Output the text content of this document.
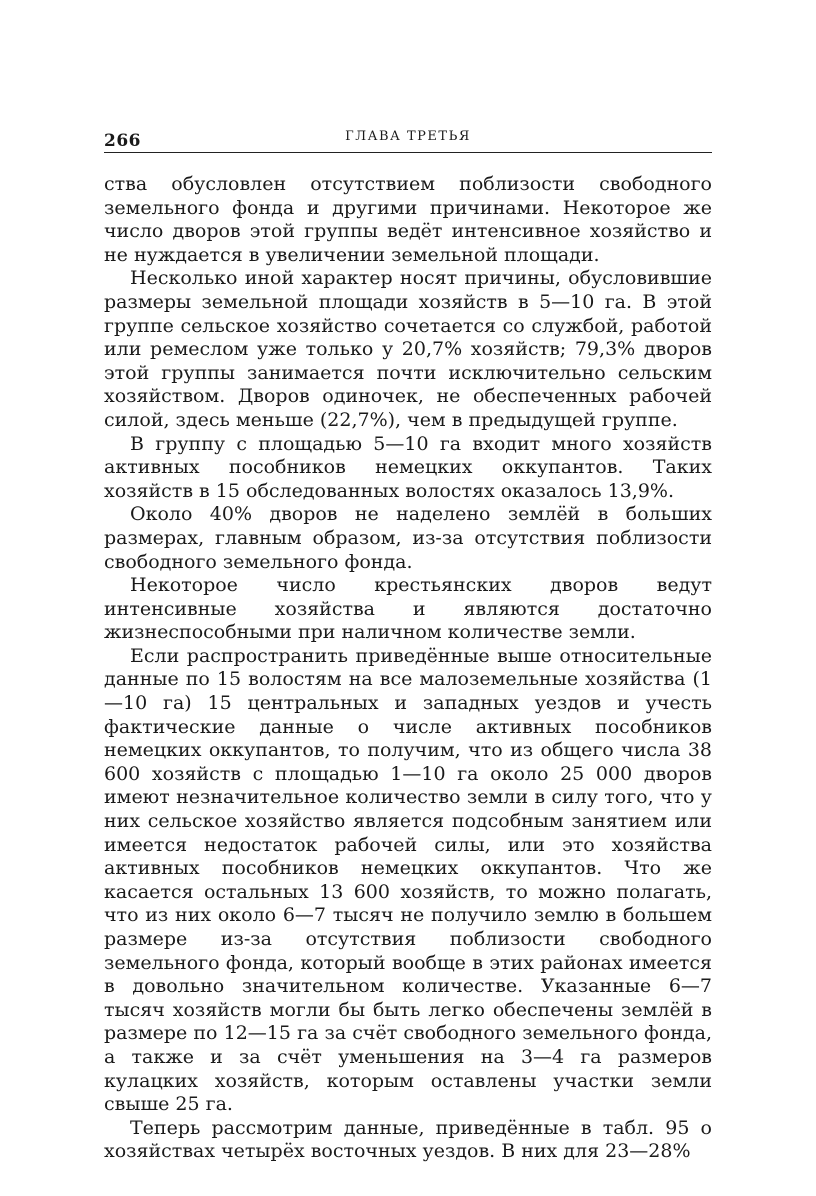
266	ГЛАВА ТРЕТЬЯ

ства обусловлен отсутствием поблизости свободного земельного фонда и другими причинами. Некоторое же число дворов этой группы ведёт интенсивное хозяйство и не нуждается в увеличении земельной площади.

Несколько иной характер носят причины, обусловившие размеры земельной площади хозяйств в 5—10 га. В этой группе сельское хозяйство сочетается со службой, работой или ремеслом уже только у 20,7% хозяйств; 79,3% дворов этой группы занимается почти исключительно сельским хозяйством. Дворов одиночек, не обеспеченных рабочей силой, здесь меньше (22,7%), чем в предыдущей группе.

В группу с площадью 5—10 га входит много хозяйств активных пособников немецких оккупантов. Таких хозяйств в 15 обследованных волостях оказалось 13,9%.

Около 40% дворов не наделено землёй в больших размерах, главным образом, из-за отсутствия поблизости свободного земельного фонда.

Некоторое число крестьянских дворов ведут интенсивные хозяйства и являются достаточно жизнеспособными при наличном количестве земли.

Если распространить приведённые выше относительные данные по 15 волостям на все малоземельные хозяйства (1—10 га) 15 центральных и западных уездов и учесть фактические данные о числе активных пособников немецких оккупантов, то получим, что из общего числа 38 600 хозяйств с площадью 1—10 га около 25 000 дворов имеют незначительное количество земли в силу того, что у них сельское хозяйство является подсобным занятием или имеется недостаток рабочей силы, или это хозяйства активных пособников немецких оккупантов. Что же касается остальных 13 600 хозяйств, то можно полагать, что из них около 6—7 тысяч не получило землю в большем размере из-за отсутствия поблизости свободного земельного фонда, который вообще в этих районах имеется в довольно значительном количестве. Указанные 6—7 тысяч хозяйств могли бы быть легко обеспечены землёй в размере по 12—15 га за счёт свободного земельного фонда, а также и за счёт уменьшения на 3—4 га размеров кулацких хозяйств, которым оставлены участки земли свыше 25 га.

Теперь рассмотрим данные, приведённые в табл. 95 о хозяйствах четырёх восточных уездов. В них для 23—28%
